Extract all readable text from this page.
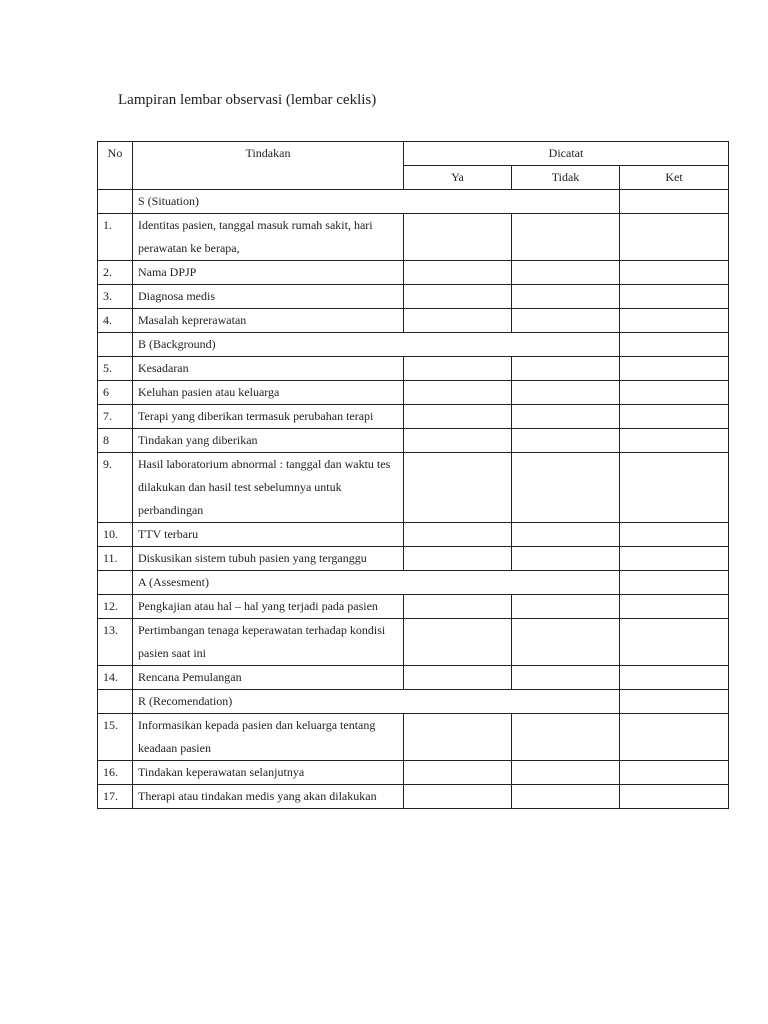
Lampiran lembar observasi (lembar ceklis)
No	Tindakan	Dicatat		
		Ya	Tidak	Ket
	S (Situation)			
1.	Identitas pasien, tanggal masuk rumah sakit, hari perawatan ke berapa,			
2.	Nama DPJP			
3.	Diagnosa medis			
4.	Masalah keprerawatan			
	B (Background)			
5.	Kesadaran			
6	Keluhan pasien atau keluarga			
7.	Terapi yang diberikan termasuk perubahan terapi			
8	Tindakan yang diberikan			
9.	Hasil laboratorium abnormal : tanggal dan waktu tes dilakukan dan hasil test sebelumnya untuk perbandingan			
10.	TTV terbaru			
11.	Diskusikan sistem tubuh pasien yang terganggu			
	A (Assesment)			
12.	Pengkajian atau hal – hal yang terjadi pada pasien			
13.	Pertimbangan tenaga keperawatan terhadap kondisi pasien saat ini			
14.	Rencana Pemulangan			
	R (Recomendation)			
15.	Informasikan kepada pasien dan keluarga tentang keadaan pasien			
16.	Tindakan keperawatan selanjutnya			
17.	Therapi atau tindakan medis yang akan dilakukan			
